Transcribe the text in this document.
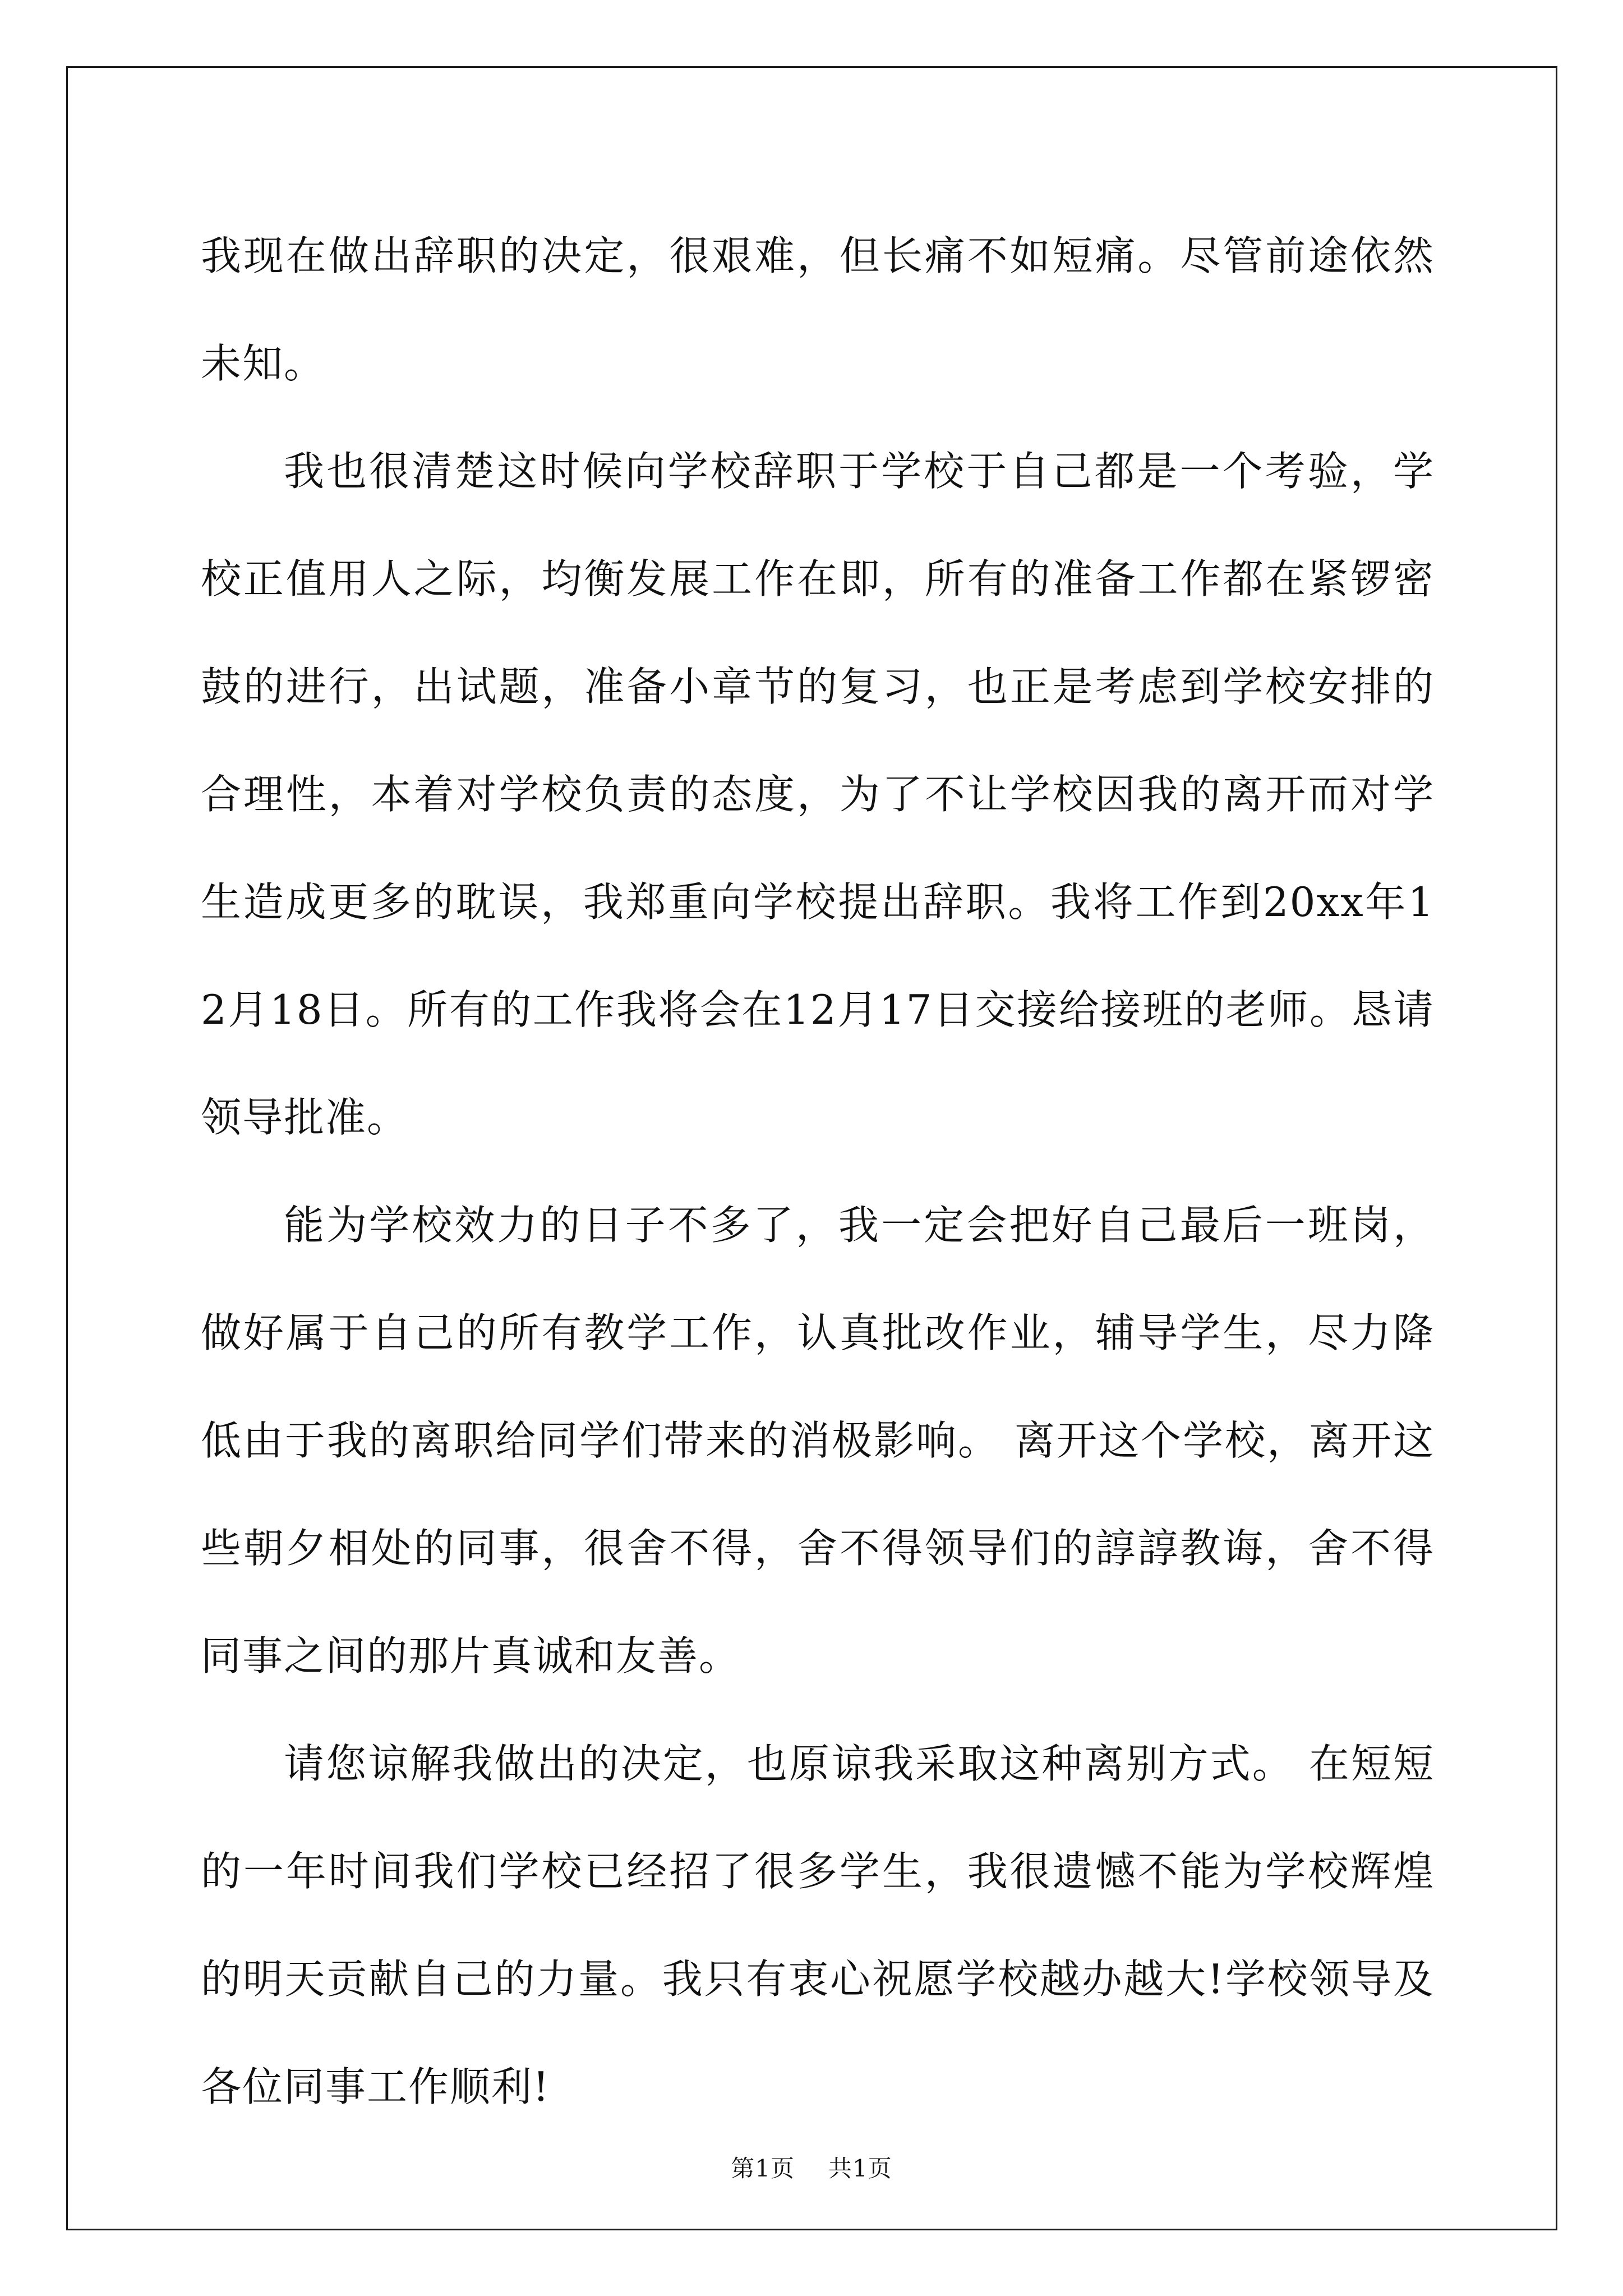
我现在做出辞职的决定，很艰难，但长痛不如短痛。尽管前途依然未知。

我也很清楚这时候向学校辞职于学校于自己都是一个考验，学校正值用人之际，均衡发展工作在即，所有的准备工作都在紧锣密鼓的进行，出试题，准备小章节的复习，也正是考虑到学校安排的合理性，本着对学校负责的态度，为了不让学校因我的离开而对学生造成更多的耽误，我郑重向学校提出辞职。我将工作到20xx年12月18日。所有的工作我将会在12月17日交接给接班的老师。恳请领导批准。

能为学校效力的日子不多了，我一定会把好自己最后一班岗，做好属于自己的所有教学工作，认真批改作业，辅导学生，尽力降低由于我的离职给同学们带来的消极影响。 离开这个学校，离开这些朝夕相处的同事，很舍不得，舍不得领导们的諄諄教诲，舍不得同事之间的那片真诚和友善。

请您谅解我做出的决定，也原谅我采取这种离别方式。 在短短的一年时间我们学校已经招了很多学生，我很遗憾不能为学校辉煌的明天贡献自己的力量。我只有衷心祝愿学校越办越大!学校领导及各位同事工作顺利!

第1页 共1页
